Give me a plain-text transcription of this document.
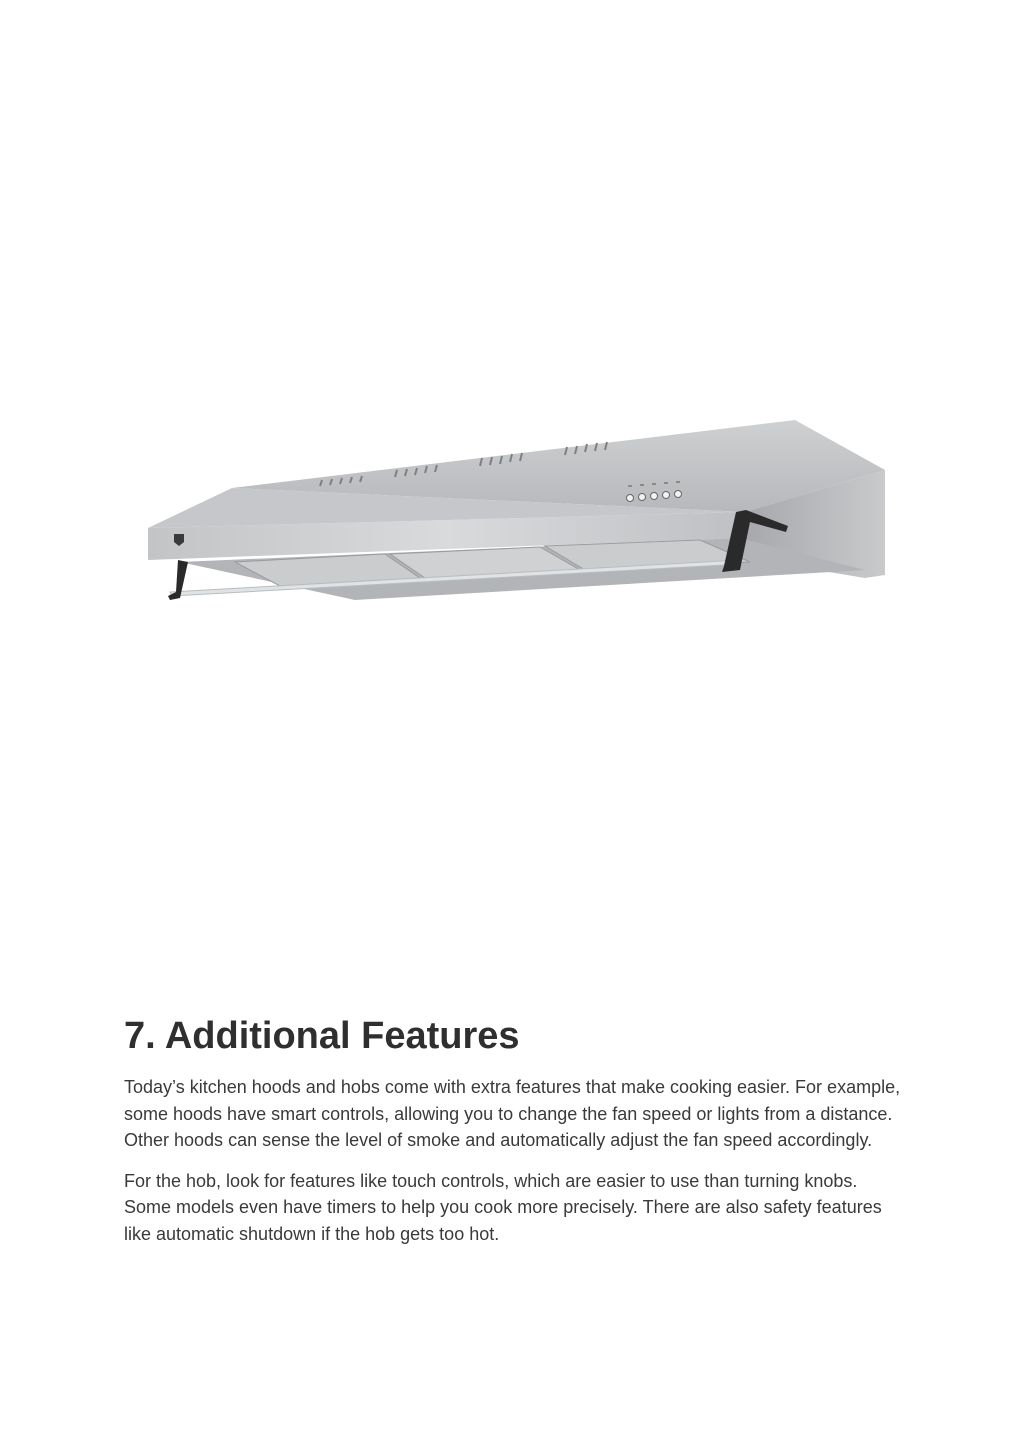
7. Additional Features

Today’s kitchen hoods and hobs come with extra features that make cooking easier. For example, some hoods have smart controls, allowing you to change the fan speed or lights from a distance. Other hoods can sense the level of smoke and automatically adjust the fan speed accordingly.

For the hob, look for features like touch controls, which are easier to use than turning knobs. Some models even have timers to help you cook more precisely. There are also safety features like automatic shutdown if the hob gets too hot.
